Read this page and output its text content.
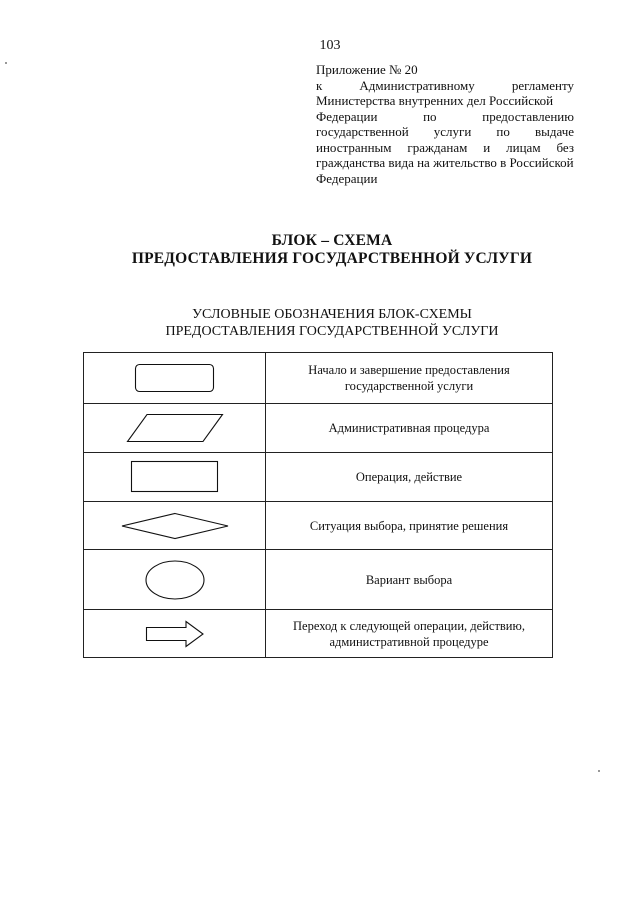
103
Приложение № 20
к	Административному	регламенту
Министерства внутренних дел Российской
Федерации	по	предоставлению
государственной услуги по выдаче
иностранным гражданам и лицам без
гражданства вида на жительство в Российской
Федерации
БЛОК – СХЕМА
ПРЕДОСТАВЛЕНИЯ ГОСУДАРСТВЕННОЙ УСЛУГИ
УСЛОВНЫЕ ОБОЗНАЧЕНИЯ БЛОК-СХЕМЫ
ПРЕДОСТАВЛЕНИЯ ГОСУДАРСТВЕННОЙ УСЛУГИ
	Начало и завершение предоставления государственной услуги

	Административная процедура

	Операция, действие

	Ситуация выбора, принятие решения

	Вариант выбора

	Переход к следующей операции, действию, административной процедуре
